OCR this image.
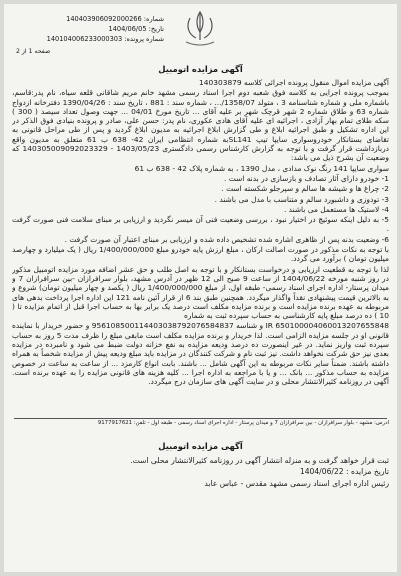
شماره: 140403906092000266
تاریخ: 1404/06/05
شماره پرونده: 140104006233000303
صفحه 1 از 2
آگهی مزایده اتومبیل

آگهی مزایده اموال منقول پرونده اجرائی کلاسه 140303879

بموجب پرونده اجرایی به کلاسه فوق شعبه دوم اجرا اسناد رسمی مشهد خانم مریم شاقانی قلعه سیاه، نام پدر:قاسم، باشماره ملی و شماره شناسنامه 3 ، متولد 1358/07/... ، شماره سند : 881 ، تاریخ سند : 1390/04/26 دفترخانه ازدواج شماره 63 و طلاق شماره 2 شهر قرچک شهر بر علیه آقای ... تاریخ مورخ 04/01 ... جهت وصول تعداد سیصد ( 300 ) سکه طلای تمام بهار آزادی ، اجرائیه ای علیه آقای هادی عکوری، نام پدر: حسن علی، صادر و پرونده بنیادی فوق الذکر در این اداره تشکیل و طبق اجرائیه ابلاغ و طی گزارش ابلاغ اجرائیه به مدیون ابلاغ گردید و پس از طی مراحل قانونی به تقاضای بستانکار خودروسواری سایپا تیپ SL141به شماره انتظامی ایران 42- 638 ب 61 متعلق به مدیون واقع دربازداشت قرار گرفت و با توجه به گزارش کارشناس رسمی دادگستری 1403/05/23 - 140305009092023329 که وضعیت آن بشرح ذیل می باشد:

سواری سایپا 141 رنگ نوک مدادی ، مدل 1390 ، به شماره پلاک 42 - 638 ب 61

1- خودرو دارای آثار تصادف و بازسازی در بدنه است .

2- چراغ ها و شیشه ها سالم و سپرجلو شکسته است .

3- تودوزی و داشبورد سالم و متناسب با مدل می باشند .

4- لاستیک ها مستعمل می باشند .

5- به دلیل اینکه سوئیچ در اختیار نبود ، بررسی وضعیت فنی آن میسر نگردید و ارزیابی بر مبنای سلامت فنی صورت گرفت .

6- وضعیت بدنه پس از ظاهری اشاره شده تشخیص داده شده و ارزیابی بر مبنای اعتبار آن صورت گرفت .

با توجه به نکات مذکور در صورت اصالت ارکان ، مبلغ ارزش پایه خودرو مبلغ 1/400/000/000 ریال ( یک میلیارد و چهارصد میلیون تومان ) برآورد می گردد.

لذا با توجه به قطعیت ارزیابی و درخواست بستانکار و با توجه به اصل طلب و حق عشر اضافه مورد مزایده اتومبیل مذکور در روز شنبه مورخه 1404/06/22 از ساعت 9 صبح الی 12 ظهر در آدرس مشهد، بلوار سرافرازان -بین سرافرازان 7 و میدان پرستار- اداره اجرای اسناد رسمی- طبقه اول، از مبلغ 1/400/000/000 ریال ( یکصد و چهار میلیون تومان) شروع و به بالاترین قیمت پیشنهادی نقداً واگذار میگردد. همچنین طبق بند 6 از قرار آئین نامه 121 این اداره اجرا پرداخت بدهی های مربوطه به عهده برنده مزایده است و برنده مزایده مکلف است درصد یک برابر بها به حساب اجرا قبل از اتمام مزایده تا ( 10 ) ده درصد مبلغ پایه کارشناسی به حساب سپرده ثبت به شماره

IR 650100004060013207655848 و شناسه 956108500114403038792076584837 و حضور خریدار با نماینده قانونی او در جلسه مزایده الزامی است. لذا خریدار و برنده مزایده مکلف است مابقی مبلغ را ظرف مدت 5 روز به حساب سپرده ثبت واریز نماید. در غیر اینصورت ده درصد ودیعه مزایده به نفع خزانه دولت ضبط می شود و نامبرده در مزایده بعدی نیز حق شرکت نخواهد داشت. نیز ثبت نام و شرکت کنندگان در مزایده باید مبلغ ودیعه پیش از مزایده شخصاً به همراه داشته باشند. ضمناً سایر نکات مربوطه به این آگهی شامل ... باشند. بابت انواع کارمزد ... از ساعت به ساعت در خصوص مزایده به حساب مذکور ... بانک ... و یا با مراجعه به اداره اجرا ... کلیه هزینه های قانونی مزایده را به عهده برنده است. آگهی در روزنامه کثیرالانتشار محلی و در سایت آگهی های سازمان درج میگردد.

آدرس: مشهد - بلوار سرافرازان - بین سرافرازان 7 و میدان پرستار - اداره اجرای اسناد رسمی - طبقه اول - تلفن: 9177917621
آگهی مزایده اتومبیل
ثبت قرار خواهد گرفت و به منزله انتشار آگهی در روزنامه کثیرالانتشار محلی است.
تاریخ مزایده : 1404/06/22
رئیس اداره اجرای اسناد رسمی مشهد مقدس - عباس عابد
